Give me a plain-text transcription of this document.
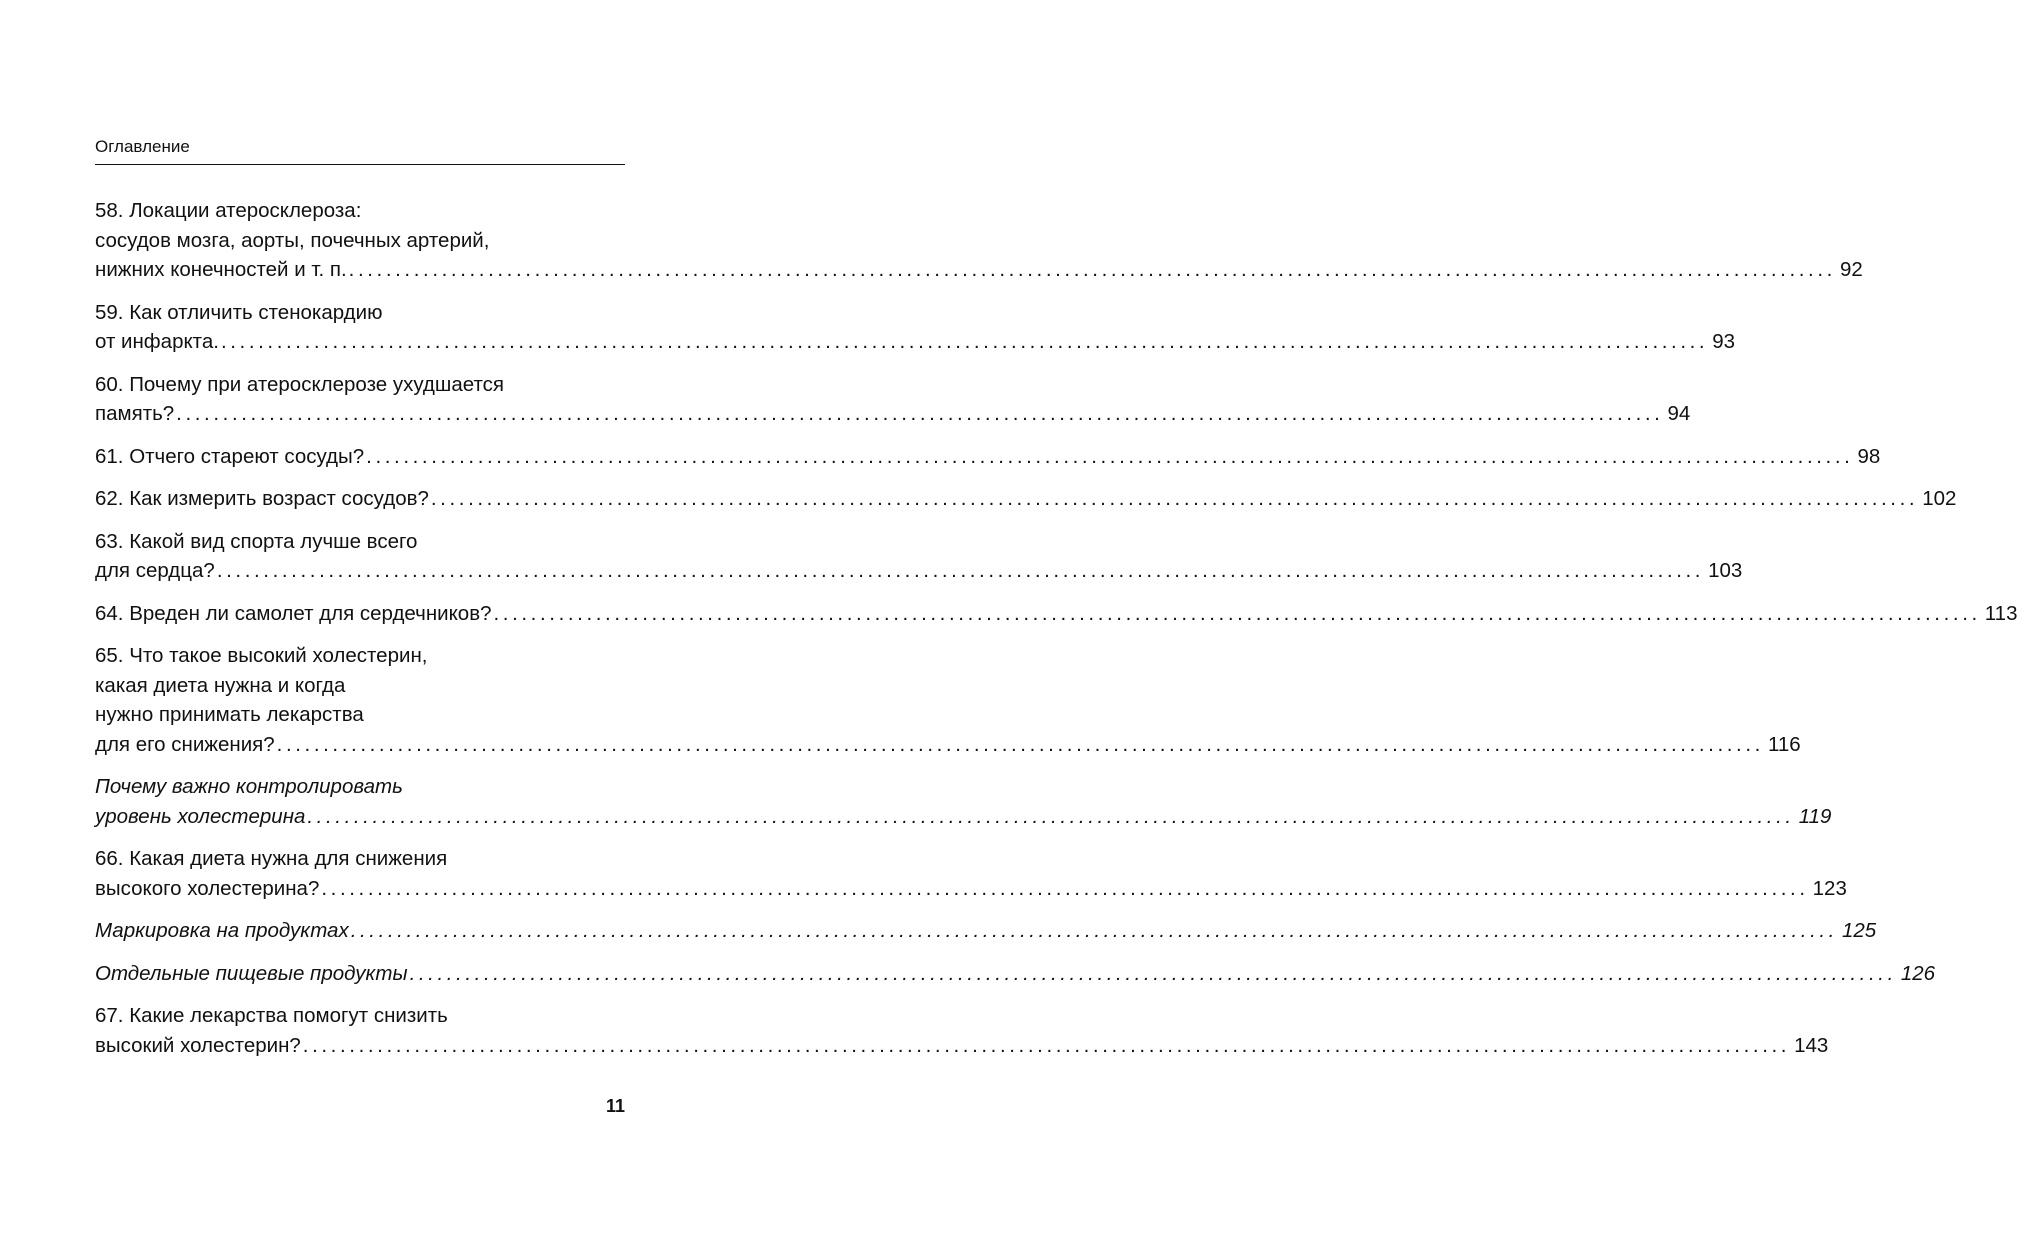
Оглавление
58. Локации атеросклероза:
сосудов мозга, аорты, почечных артерий,
нижних конечностей и т. п. ................................................................................................................................................................ 92
59. Как отличить стенокардию
от инфаркта. ................................................................................................................................................................ 93
60. Почему при атеросклерозе ухудшается
память? ................................................................................................................................................................ 94
61. Отчего стареют сосуды? ................................................................................................................................................................ 98
62. Как измерить возраст сосудов? ................................................................................................................................................................ 102
63. Какой вид спорта лучше всего
для сердца? ................................................................................................................................................................ 103
64. Вреден ли самолет для сердечников? ................................................................................................................................................................ 113
65. Что такое высокий холестерин,
какая диета нужна и когда
нужно принимать лекарства
для его снижения? ................................................................................................................................................................ 116
Почему важно контролировать
уровень холестерина ................................................................................................................................................................ 119
66. Какая диета нужна для снижения
высокого холестерина? ................................................................................................................................................................ 123
Маркировка на продуктах ................................................................................................................................................................ 125
Отдельные пищевые продукты ................................................................................................................................................................ 126
67. Какие лекарства помогут снизить
высокий холестерин? ................................................................................................................................................................ 143
11
